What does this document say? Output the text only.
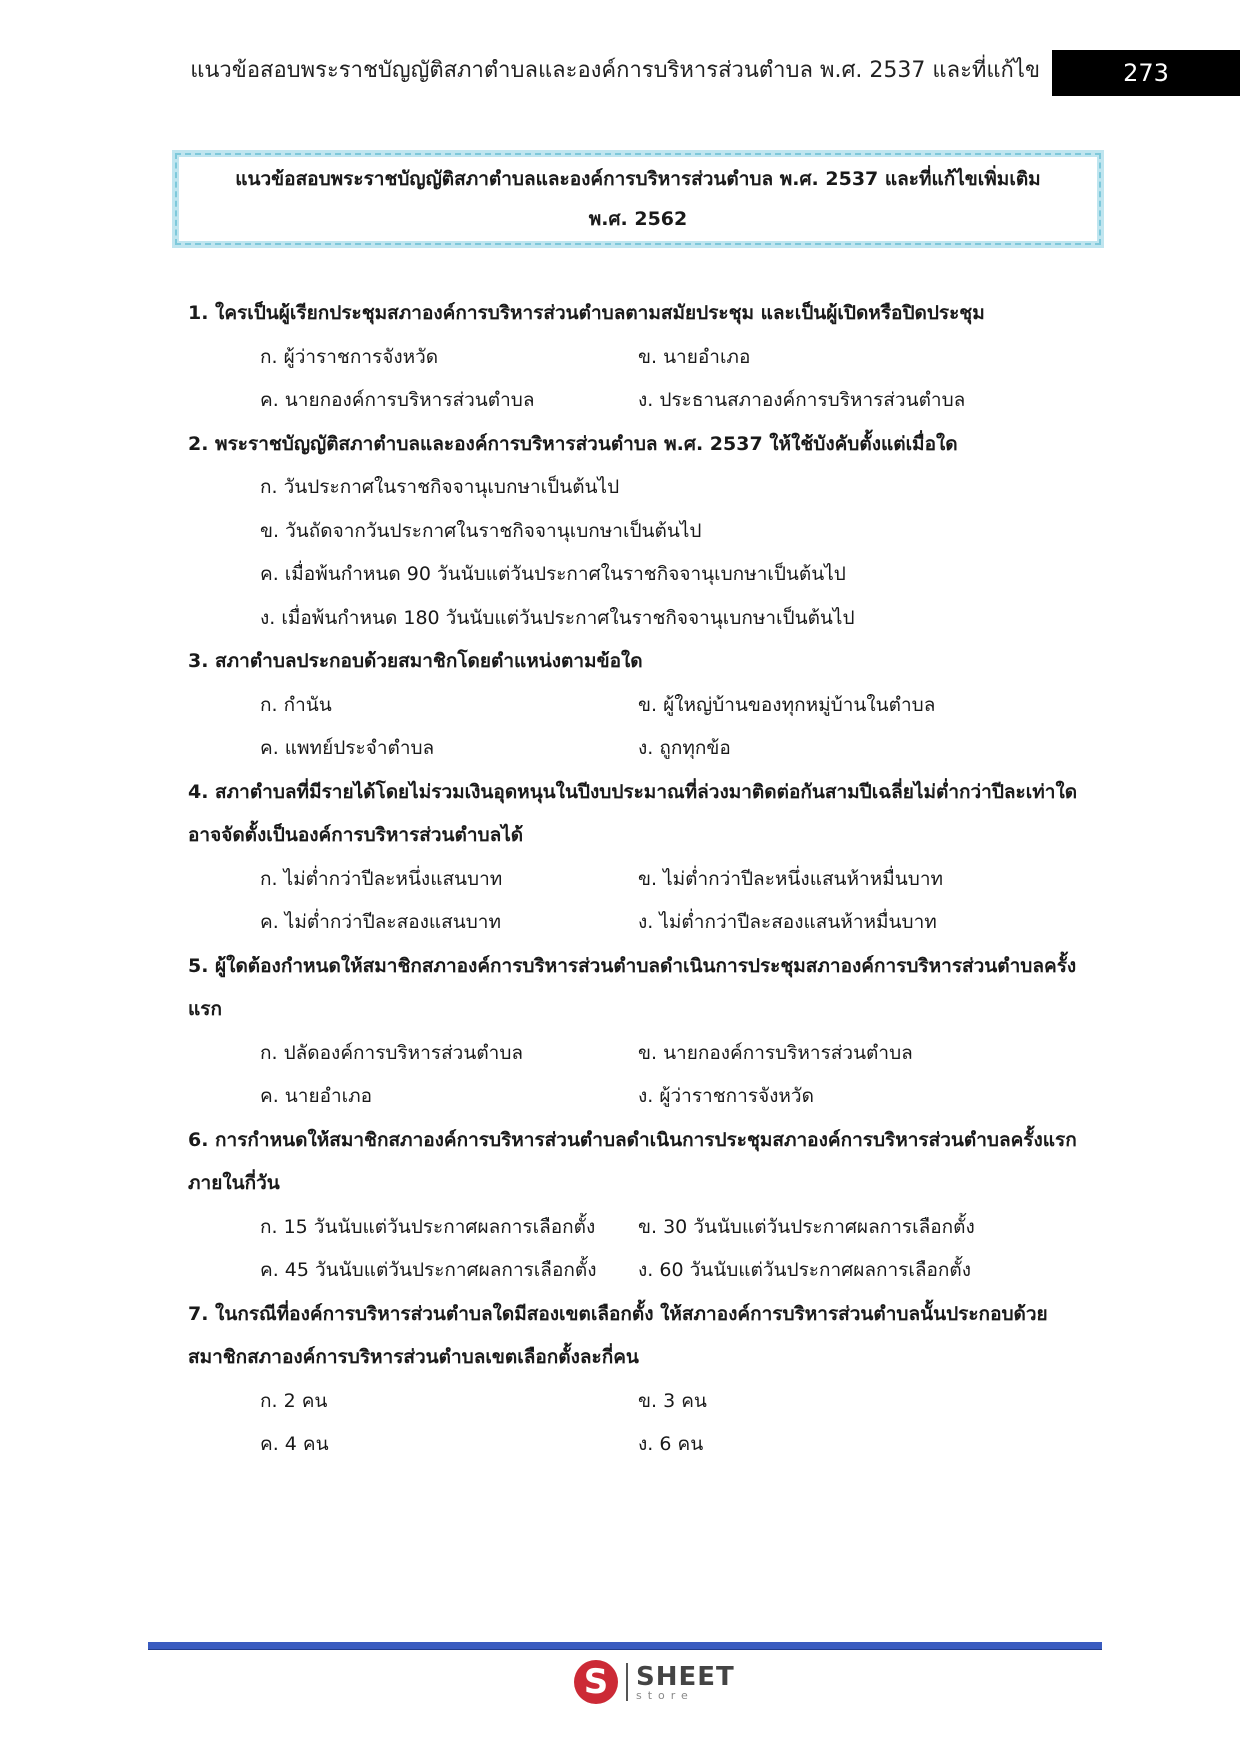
แนวข้อสอบพระราชบัญญัติสภาตำบลและองค์การบริหารส่วนตำบล พ.ศ. 2537 และที่แก้ไข	273
แนวข้อสอบพระราชบัญญัติสภาตำบลและองค์การบริหารส่วนตำบล พ.ศ. 2537 และที่แก้ไขเพิ่มเติม
พ.ศ. 2562
1. ใครเป็นผู้เรียกประชุมสภาองค์การบริหารส่วนตำบลตามสมัยประชุม และเป็นผู้เปิดหรือปิดประชุม
ก. ผู้ว่าราชการจังหวัด	ข. นายอำเภอ
ค. นายกองค์การบริหารส่วนตำบล	ง. ประธานสภาองค์การบริหารส่วนตำบล
2. พระราชบัญญัติสภาตำบลและองค์การบริหารส่วนตำบล พ.ศ. 2537 ให้ใช้บังคับตั้งแต่เมื่อใด
ก. วันประกาศในราชกิจจานุเบกษาเป็นต้นไป
ข. วันถัดจากวันประกาศในราชกิจจานุเบกษาเป็นต้นไป
ค. เมื่อพ้นกำหนด 90 วันนับแต่วันประกาศในราชกิจจานุเบกษาเป็นต้นไป
ง. เมื่อพ้นกำหนด 180 วันนับแต่วันประกาศในราชกิจจานุเบกษาเป็นต้นไป
3. สภาตำบลประกอบด้วยสมาชิกโดยตำแหน่งตามข้อใด
ก. กำนัน	ข. ผู้ใหญ่บ้านของทุกหมู่บ้านในตำบล
ค. แพทย์ประจำตำบล	ง. ถูกทุกข้อ
4. สภาตำบลที่มีรายได้โดยไม่รวมเงินอุดหนุนในปีงบประมาณที่ล่วงมาติดต่อกันสามปีเฉลี่ยไม่ต่ำกว่าปีละเท่าใด อาจจัดตั้งเป็นองค์การบริหารส่วนตำบลได้
ก. ไม่ต่ำกว่าปีละหนึ่งแสนบาท	ข. ไม่ต่ำกว่าปีละหนึ่งแสนห้าหมื่นบาท
ค. ไม่ต่ำกว่าปีละสองแสนบาท	ง. ไม่ต่ำกว่าปีละสองแสนห้าหมื่นบาท
5. ผู้ใดต้องกำหนดให้สมาชิกสภาองค์การบริหารส่วนตำบลดำเนินการประชุมสภาองค์การบริหารส่วนตำบลครั้งแรก
ก. ปลัดองค์การบริหารส่วนตำบล	ข. นายกองค์การบริหารส่วนตำบล
ค. นายอำเภอ	ง. ผู้ว่าราชการจังหวัด
6. การกำหนดให้สมาชิกสภาองค์การบริหารส่วนตำบลดำเนินการประชุมสภาองค์การบริหารส่วนตำบลครั้งแรกภายในกี่วัน
ก. 15 วันนับแต่วันประกาศผลการเลือกตั้ง	ข. 30 วันนับแต่วันประกาศผลการเลือกตั้ง
ค. 45 วันนับแต่วันประกาศผลการเลือกตั้ง	ง. 60 วันนับแต่วันประกาศผลการเลือกตั้ง
7. ในกรณีที่องค์การบริหารส่วนตำบลใดมีสองเขตเลือกตั้ง ให้สภาองค์การบริหารส่วนตำบลนั้นประกอบด้วยสมาชิกสภาองค์การบริหารส่วนตำบลเขตเลือกตั้งละกี่คน
ก. 2 คน	ข. 3 คน
ค. 4 คน	ง. 6 คน
S	SHEET
store
